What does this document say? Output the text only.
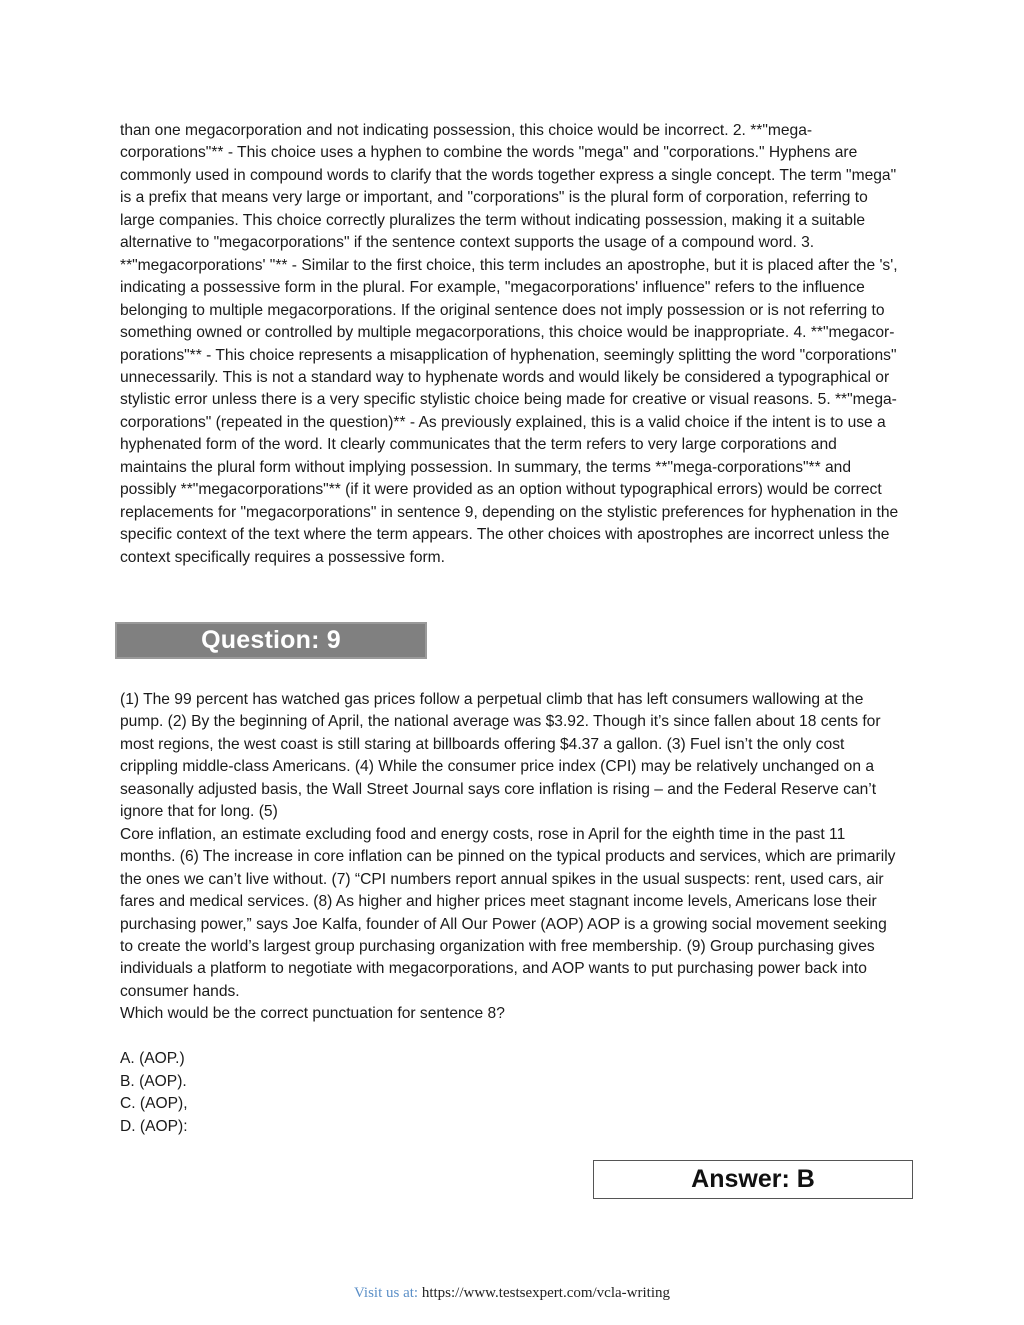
than one megacorporation and not indicating possession, this choice would be incorrect. 2. **"mega-corporations"** - This choice uses a hyphen to combine the words "mega" and "corporations." Hyphens are commonly used in compound words to clarify that the words together express a single concept. The term "mega" is a prefix that means very large or important, and "corporations" is the plural form of corporation, referring to large companies. This choice correctly pluralizes the term without indicating possession, making it a suitable alternative to "megacorporations" if the sentence context supports the usage of a compound word. 3. **"megacorporations' "** - Similar to the first choice, this term includes an apostrophe, but it is placed after the 's', indicating a possessive form in the plural. For example, "megacorporations' influence" refers to the influence belonging to multiple megacorporations. If the original sentence does not imply possession or is not referring to something owned or controlled by multiple megacorporations, this choice would be inappropriate. 4. **"megacor-porations"** - This choice represents a misapplication of hyphenation, seemingly splitting the word "corporations" unnecessarily. This is not a standard way to hyphenate words and would likely be considered a typographical or stylistic error unless there is a very specific stylistic choice being made for creative or visual reasons. 5. **"mega-corporations" (repeated in the question)** - As previously explained, this is a valid choice if the intent is to use a hyphenated form of the word. It clearly communicates that the term refers to very large corporations and maintains the plural form without implying possession. In summary, the terms **"mega-corporations"** and possibly **"megacorporations"** (if it were provided as an option without typographical errors) would be correct replacements for "megacorporations" in sentence 9, depending on the stylistic preferences for hyphenation in the specific context of the text where the term appears. The other choices with apostrophes are incorrect unless the context specifically requires a possessive form.
Question: 9

(1) The 99 percent has watched gas prices follow a perpetual climb that has left consumers wallowing at the pump. (2) By the beginning of April, the national average was $3.92. Though it’s since fallen about 18 cents for most regions, the west coast is still staring at billboards offering $4.37 a gallon. (3) Fuel isn’t the only cost crippling middle-class Americans. (4) While the consumer price index (CPI) may be relatively unchanged on a seasonally adjusted basis, the Wall Street Journal says core inflation is rising – and the Federal Reserve can’t ignore that for long. (5)
Core inflation, an estimate excluding food and energy costs, rose in April for the eighth time in the past 11 months. (6) The increase in core inflation can be pinned on the typical products and services, which are primarily the ones we can’t live without. (7) “CPI numbers report annual spikes in the usual suspects: rent, used cars, air fares and medical services. (8) As higher and higher prices meet stagnant income levels, Americans lose their purchasing power,” says Joe Kalfa, founder of All Our Power (AOP) AOP is a growing social movement seeking to create the world’s largest group purchasing organization with free membership. (9) Group purchasing gives individuals a platform to negotiate with megacorporations, and AOP wants to put purchasing power back into consumer hands.

Which would be the correct punctuation for sentence 8?

A. (AOP.)
B. (AOP).
C. (AOP),
D. (AOP):
Answer: B
Visit us at: https://www.testsexpert.com/vcla-writing
